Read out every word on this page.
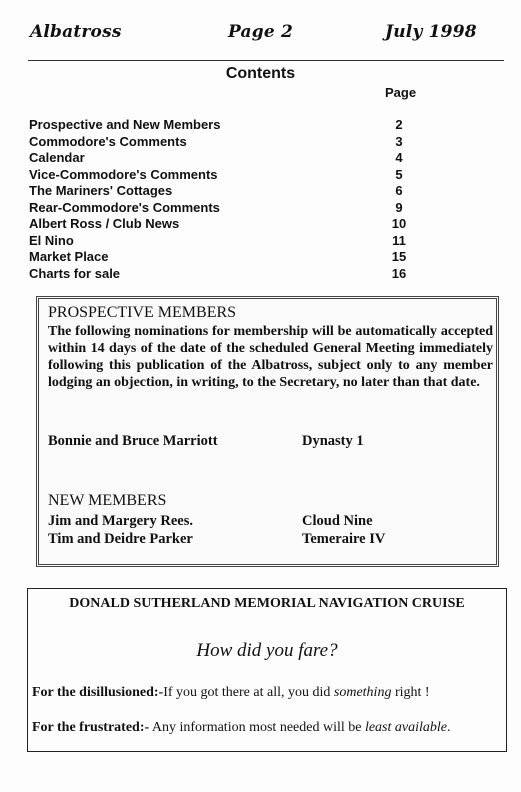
Albatross	Page 2	July 1998
Contents
Page
Prospective and New Members	2
Commodore's Comments	3
Calendar	4
Vice-Commodore's Comments	5
The Mariners' Cottages	6
Rear-Commodore's Comments	9
Albert Ross / Club News	10
El Nino	11
Market Place	15
Charts for sale	16
PROSPECTIVE MEMBERS
The following nominations for membership will be automatically accepted within 14 days of the date of the scheduled General Meeting immediately following this publication of the Albatross, subject only to any member lodging an objection, in writing, to the Secretary, no later than that date.
Bonnie and Bruce Marriott	Dynasty 1
NEW MEMBERS
Jim and Margery Rees.	Cloud Nine
Tim and Deidre Parker	Temeraire IV
DONALD SUTHERLAND MEMORIAL NAVIGATION CRUISE
How did you fare?
For the disillusioned:-If you got there at all, you did something right !
For the frustrated:- Any information most needed will be least available.
